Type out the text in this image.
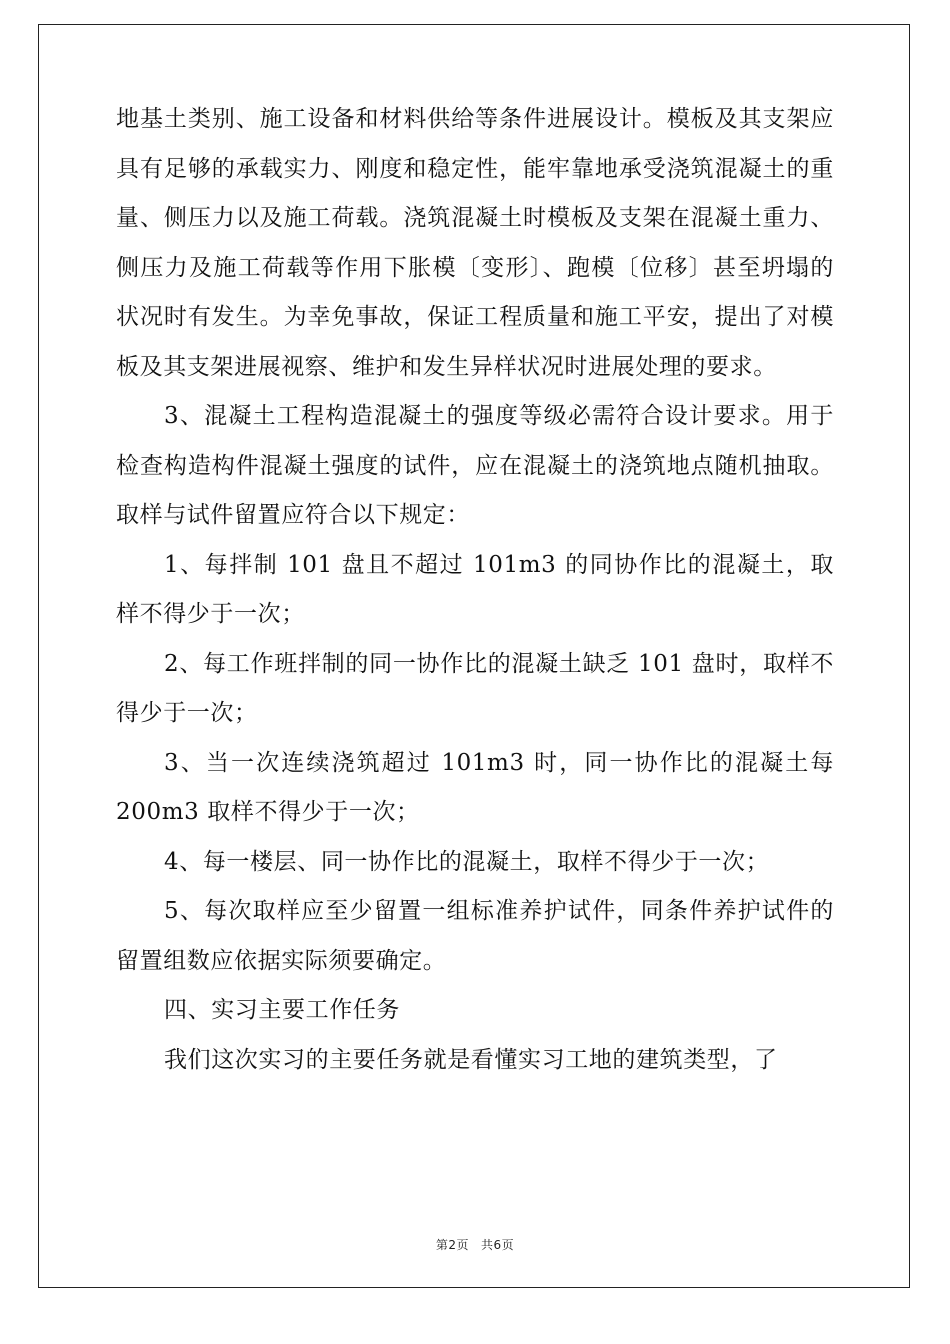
地基土类别、施工设备和材料供给等条件进展设计。模板及其支架应具有足够的承载实力、刚度和稳定性，能牢靠地承受浇筑混凝土的重量、侧压力以及施工荷载。浇筑混凝土时模板及支架在混凝土重力、侧压力及施工荷载等作用下胀模〔变形〕、跑模〔位移〕甚至坍塌的状况时有发生。为幸免事故，保证工程质量和施工平安，提出了对模板及其支架进展视察、维护和发生异样状况时进展处理的要求。

3、混凝土工程构造混凝土的强度等级必需符合设计要求。用于检查构造构件混凝土强度的试件，应在混凝土的浇筑地点随机抽取。取样与试件留置应符合以下规定：

1、每拌制 101 盘且不超过 101m3 的同协作比的混凝土，取样不得少于一次；

2、每工作班拌制的同一协作比的混凝土缺乏 101 盘时，取样不得少于一次；

3、当一次连续浇筑超过 101m3 时，同一协作比的混凝土每 200m3 取样不得少于一次；

4、每一楼层、同一协作比的混凝土，取样不得少于一次；

5、每次取样应至少留置一组标准养护试件，同条件养护试件的留置组数应依据实际须要确定。

四、实习主要工作任务

我们这次实习的主要任务就是看懂实习工地的建筑类型，了

第2页 共6页
